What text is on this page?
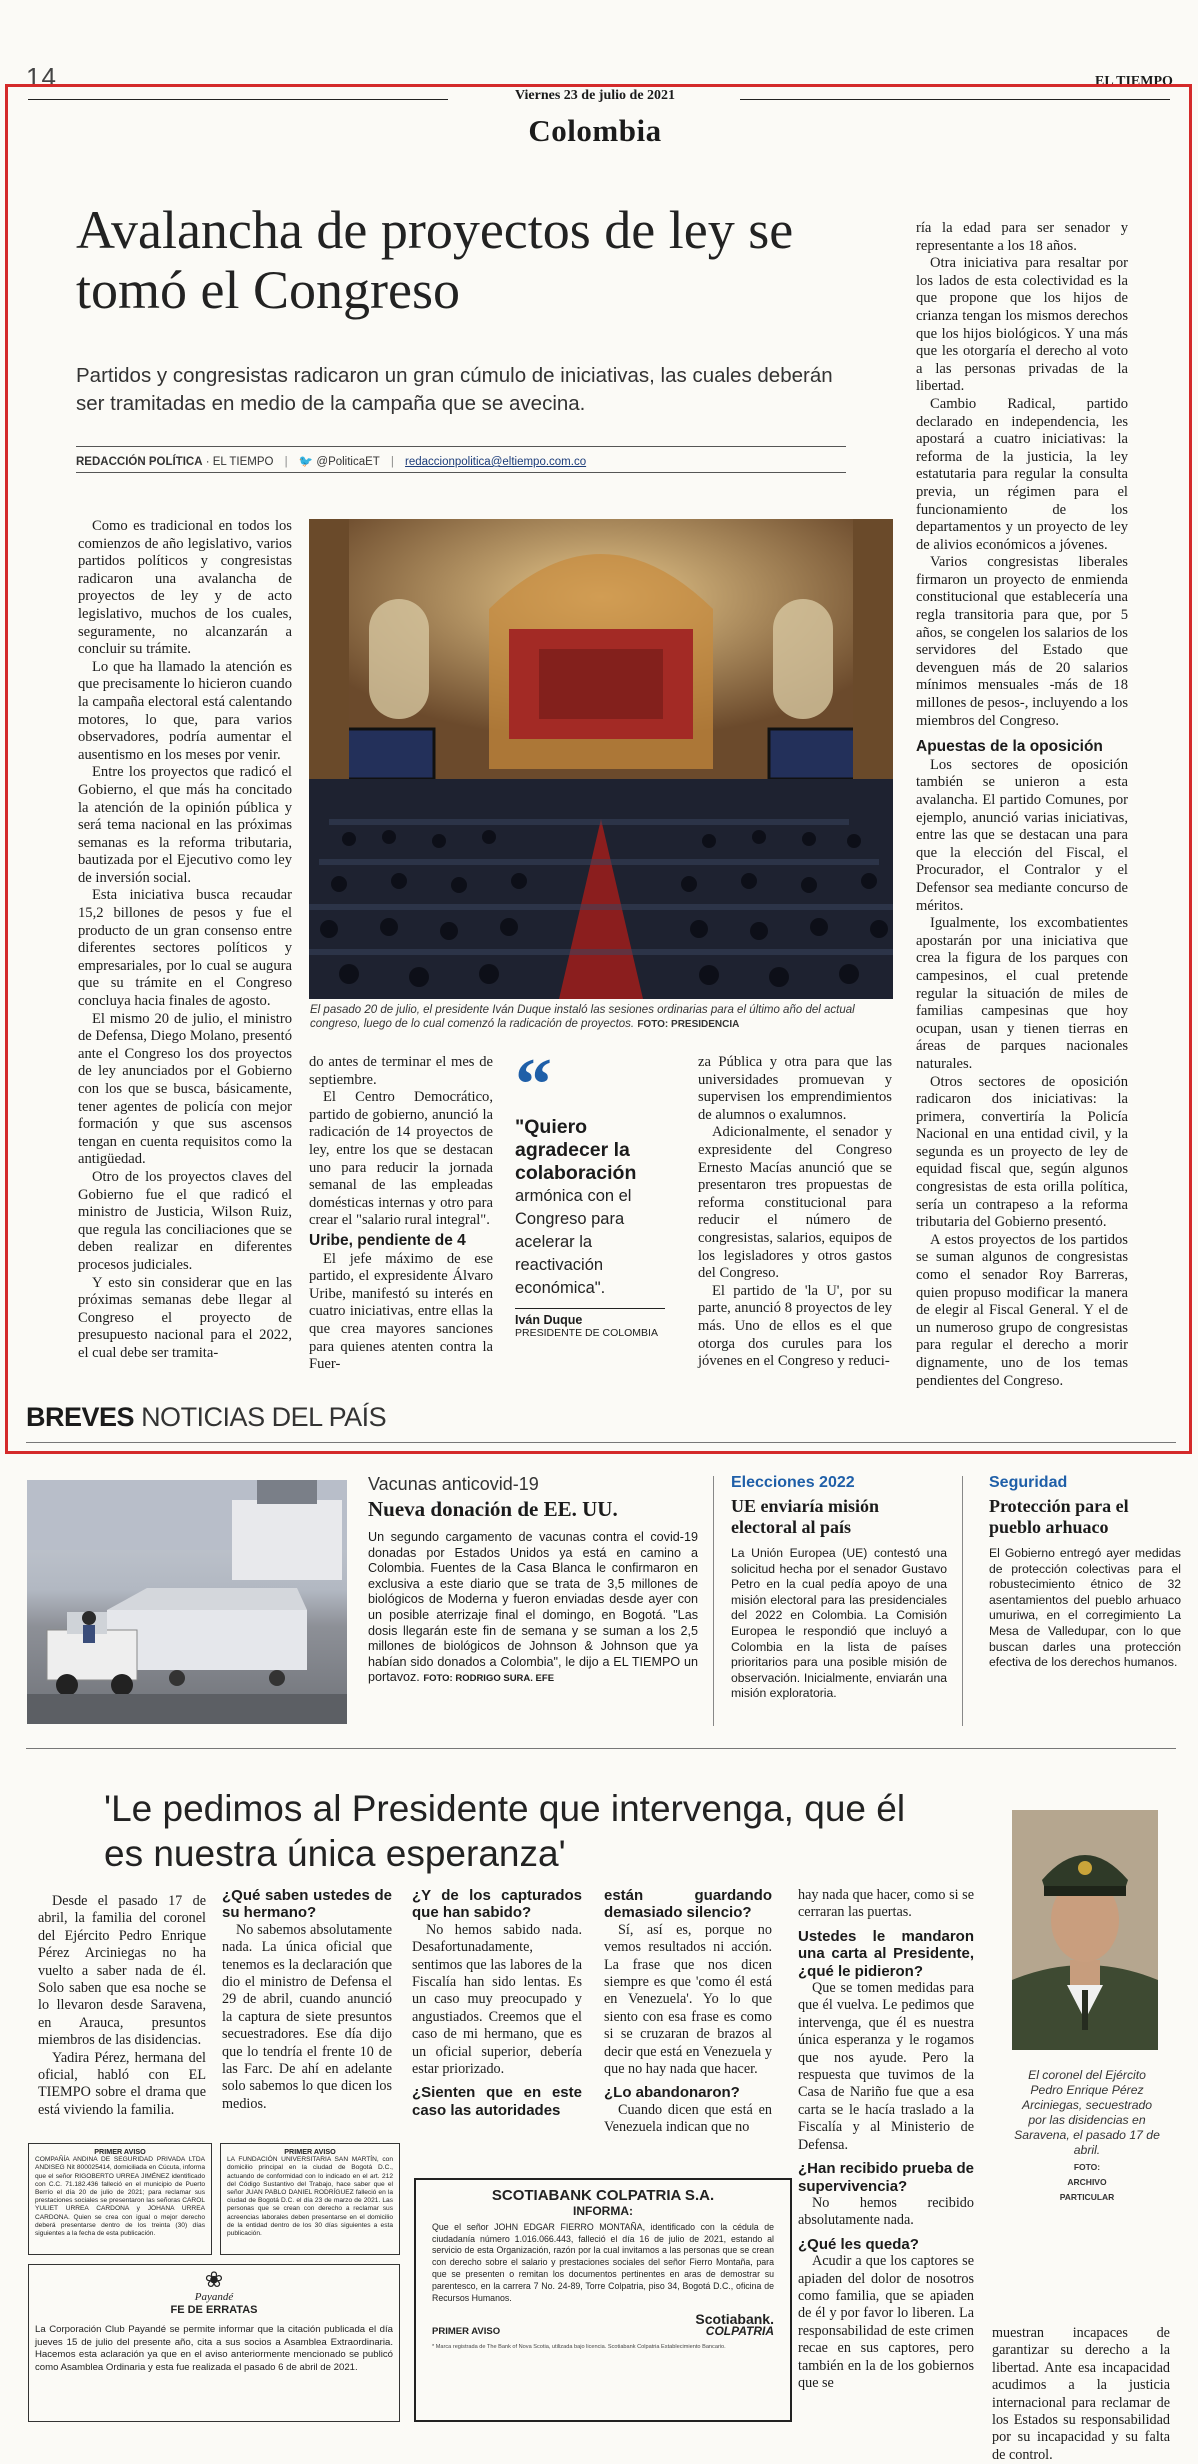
14	EL TIEMPO
Viernes 23 de julio de 2021
Colombia
Avalancha de proyectos de ley se tomó el Congreso
Partidos y congresistas radicaron un gran cúmulo de iniciativas, las cuales deberán ser tramitadas en medio de la campaña que se avecina.
REDACCIÓN POLÍTICA · EL TIEMPO | 🐦 @PoliticaET | redaccionpolitica@eltiempo.com.co

Como es tradicional en todos los comienzos de año legislativo, varios partidos políticos y congresistas radicaron una avalancha de proyectos de ley y de acto legislativo, muchos de los cuales, seguramente, no alcanzarán a concluir su trámite.

Lo que ha llamado la atención es que precisamente lo hicieron cuando la campaña electoral está calentando motores, lo que, para varios observadores, podría aumentar el ausentismo en los meses por venir.

Entre los proyectos que radicó el Gobierno, el que más ha concitado la atención de la opinión pública y será tema nacional en las próximas semanas es la reforma tributaria, bautizada por el Ejecutivo como ley de inversión social.

Esta iniciativa busca recaudar 15,2 billones de pesos y fue el producto de un gran consenso entre diferentes sectores políticos y empresariales, por lo cual se augura que su trámite en el Congreso concluya hacia finales de agosto.

El mismo 20 de julio, el ministro de Defensa, Diego Molano, presentó ante el Congreso los dos proyectos de ley anunciados por el Gobierno con los que se busca, básicamente, tener agentes de policía con mejor formación y que sus ascensos tengan en cuenta requisitos como la antigüedad.

Otro de los proyectos claves del Gobierno fue el que radicó el ministro de Justicia, Wilson Ruiz, que regula las conciliaciones que se deben realizar en diferentes procesos judiciales.

Y esto sin considerar que en las próximas semanas debe llegar al Congreso el proyecto de presupuesto nacional para el 2022, el cual debe ser tramita-

El pasado 20 de julio, el presidente Iván Duque instaló las sesiones ordinarias para el último año del actual congreso, luego de lo cual comenzó la radicación de proyectos. FOTO: PRESIDENCIA

do antes de terminar el mes de septiembre.

El Centro Democrático, partido de gobierno, anunció la radicación de 14 proyectos de ley, entre los que se destacan uno para reducir la jornada semanal de las empleadas domésticas internas y otro para crear el "salario rural integral".

Uribe, pendiente de 4

El jefe máximo de ese partido, el expresidente Álvaro Uribe, manifestó su interés en cuatro iniciativas, entre ellas la que crea mayores sanciones para quienes atenten contra la Fuer-

“
"Quiero agradecer la colaboración
armónica con el Congreso para acelerar la reactivación económica".
Iván Duque
PRESIDENTE DE COLOMBIA

za Pública y otra para que las universidades promuevan y supervisen los emprendimientos de alumnos o exalumnos.

Adicionalmente, el senador y expresidente del Congreso Ernesto Macías anunció que se presentaron tres propuestas de reforma constitucional para reducir el número de congresistas, salarios, equipos de los legisladores y otros gastos del Congreso.

El partido de 'la U', por su parte, anunció 8 proyectos de ley más. Uno de ellos es el que otorga dos curules para los jóvenes en el Congreso y reduci-

ría la edad para ser senador y representante a los 18 años.

Otra iniciativa para resaltar por los lados de esta colectividad es la que propone que los hijos de crianza tengan los mismos derechos que los hijos biológicos. Y una más que les otorgaría el derecho al voto a las personas privadas de la libertad.

Cambio Radical, partido declarado en independencia, les apostará a cuatro iniciativas: la reforma de la justicia, la ley estatutaria para regular la consulta previa, un régimen para el funcionamiento de los departamentos y un proyecto de ley de alivios económicos a jóvenes.

Varios congresistas liberales firmaron un proyecto de enmienda constitucional que establecería una regla transitoria para que, por 5 años, se congelen los salarios de los servidores del Estado que devenguen más de 20 salarios mínimos mensuales -más de 18 millones de pesos-, incluyendo a los miembros del Congreso.

Apuestas de la oposición

Los sectores de oposición también se unieron a esta avalancha. El partido Comunes, por ejemplo, anunció varias iniciativas, entre las que se destacan una para que la elección del Fiscal, el Procurador, el Contralor y el Defensor sea mediante concurso de méritos.

Igualmente, los excombatientes apostarán por una iniciativa que crea la figura de los parques con campesinos, el cual pretende regular la situación de miles de familias campesinas que hoy ocupan, usan y tienen tierras en áreas de parques nacionales naturales.

Otros sectores de oposición radicaron dos iniciativas: la primera, convertiría la Policía Nacional en una entidad civil, y la segunda es un proyecto de ley de equidad fiscal que, según algunos congresistas de esta orilla política, sería un contrapeso a la reforma tributaria del Gobierno presentó.

A estos proyectos de los partidos se suman algunos de congresistas como el senador Roy Barreras, quien propuso modificar la manera de elegir al Fiscal General. Y el de un numeroso grupo de congresistas para regular el derecho a morir dignamente, uno de los temas pendientes del Congreso.

BREVES NOTICIAS DEL PAÍS
Vacunas anticovid-19
Nueva donación de EE. UU.
Un segundo cargamento de vacunas contra el covid-19 donadas por Estados Unidos ya está en camino a Colombia. Fuentes de la Casa Blanca le confirmaron en exclusiva a este diario que se trata de 3,5 millones de biológicos de Moderna y fueron enviadas desde ayer con un posible aterrizaje final el domingo, en Bogotá. "Las dosis llegarán este fin de semana y se suman a los 2,5 millones de biológicos de Johnson & Johnson que ya habían sido donados a Colombia", le dijo a EL TIEMPO un portavoz. FOTO: RODRIGO SURA. EFE
Elecciones 2022
UE enviaría misión electoral al país
La Unión Europea (UE) contestó una solicitud hecha por el senador Gustavo Petro en la cual pedía apoyo de una misión electoral para las presidenciales del 2022 en Colombia. La Comisión Europea le respondió que incluyó a Colombia en la lista de países prioritarios para una posible misión de observación. Inicialmente, enviarán una misión exploratoria.
Seguridad
Protección para el pueblo arhuaco
El Gobierno entregó ayer medidas de protección colectivas para el robustecimiento étnico de 32 asentamientos del pueblo arhuaco umuriwa, en el corregimiento La Mesa de Valledupar, con lo que buscan darles una protección efectiva de los derechos humanos.
'Le pedimos al Presidente que intervenga, que él es nuestra única esperanza'

Desde el pasado 17 de abril, la familia del coronel del Ejército Pedro Enrique Pérez Arciniegas no ha vuelto a saber nada de él. Solo saben que esa noche se lo llevaron desde Saravena, en Arauca, presuntos miembros de las disidencias.

Yadira Pérez, hermana del oficial, habló con EL TIEMPO sobre el drama que está viviendo la familia.

¿Qué saben ustedes de su hermano?

No sabemos absolutamente nada. La única oficial que tenemos es la declaración que dio el ministro de Defensa el 29 de abril, cuando anunció la captura de siete presuntos secuestradores. Ese día dijo que lo tendría el frente 10 de las Farc. De ahí en adelante solo sabemos lo que dicen los medios.

¿Y de los capturados que han sabido?

No hemos sabido nada. Desafortunadamente, sentimos que las labores de la Fiscalía han sido lentas. Es un caso muy preocupado y angustiados. Creemos que el caso de mi hermano, que es un oficial superior, debería estar priorizado.

¿Sienten que en este caso las autoridades

están guardando demasiado silencio?

Sí, así es, porque no vemos resultados ni acción. La frase que nos dicen siempre es que 'como él está en Venezuela'. Yo lo que siento con esa frase es como si se cruzaran de brazos al decir que está en Venezuela y que no hay nada que hacer.

¿Lo abandonaron?

Cuando dicen que está en Venezuela indican que no

hay nada que hacer, como si se cerraran las puertas.

Ustedes le mandaron una carta al Presidente, ¿qué le pidieron?

Que se tomen medidas para que él vuelva. Le pedimos que intervenga, que él es nuestra única esperanza y le rogamos que nos ayude. Pero la respuesta que tuvimos de la Casa de Nariño fue que a esa carta se le hacía traslado a la Fiscalía y al Ministerio de Defensa.

¿Han recibido prueba de supervivencia?

No hemos recibido absolutamente nada.

¿Qué les queda?

Acudir a que los captores se apiaden del dolor de nosotros como familia, que se apiaden de él y por favor lo liberen. La responsabilidad de este crimen recae en sus captores, pero también en la de los gobiernos que se

El coronel del Ejército Pedro Enrique Pérez Arciniegas, secuestrado por las disidencias en Saravena, el pasado 17 de abril.
FOTO: ARCHIVO PARTICULAR

muestran incapaces de garantizar su derecho a la libertad. Ante esa incapacidad acudimos a la justicia internacional para reclamar de los Estados su responsabilidad por su incapacidad y su falta de control.

PRIMER AVISO
COMPAÑÍA ANDINA DE SEGURIDAD PRIVADA LTDA ANDISEG Nit 800025414, domiciliada en Cúcuta, informa que el señor RIGOBERTO URREA JIMÉNEZ identificado con C.C. 71.182.436 falleció en el municipio de Puerto Berrío el día 20 de julio de 2021; para reclamar sus prestaciones sociales se presentaron las señoras CAROL YULIET URREA CARDONA y JOHANA URREA CARDONA. Quien se crea con igual o mejor derecho deberá presentarse dentro de los treinta (30) días siguientes a la fecha de esta publicación.
PRIMER AVISO
LA FUNDACIÓN UNIVERSITARIA SAN MARTÍN, con domicilio principal en la ciudad de Bogotá D.C., actuando de conformidad con lo indicado en el art. 212 del Código Sustantivo del Trabajo, hace saber que el señor JUAN PABLO DANIEL RODRÍGUEZ falleció en la ciudad de Bogotá D.C. el día 23 de marzo de 2021. Las personas que se crean con derecho a reclamar sus acreencias laborales deben presentarse en el domicilio de la entidad dentro de los 30 días siguientes a esta publicación.
❀
Payandé
FE DE ERRATAS
La Corporación Club Payandé se permite informar que la citación publicada el día jueves 15 de julio del presente año, cita a sus socios a Asamblea Extraordinaria. Hacemos esta aclaración ya que en el aviso anteriormente mencionado se publicó como Asamblea Ordinaria y esta fue realizada el pasado 6 de abril de 2021.
SCOTIABANK COLPATRIA S.A.
INFORMA:
Que el señor JOHN EDGAR FIERRO MONTAÑA, identificado con la cédula de ciudadanía número 1.016.066.443, falleció el día 16 de julio de 2021, estando al servicio de esta Organización, razón por la cual invitamos a las personas que se crean con derecho sobre el salario y prestaciones sociales del señor Fierro Montaña, para que se presenten o remitan los documentos pertinentes en aras de demostrar su parentesco, en la carrera 7 No. 24-89, Torre Colpatria, piso 34, Bogotá D.C., oficina de Recursos Humanos.
PRIMER AVISO
Scotiabank.
COLPATRIA
* Marca registrada de The Bank of Nova Scotia, utilizada bajo licencia. Scotiabank Colpatria Establecimiento Bancario.
